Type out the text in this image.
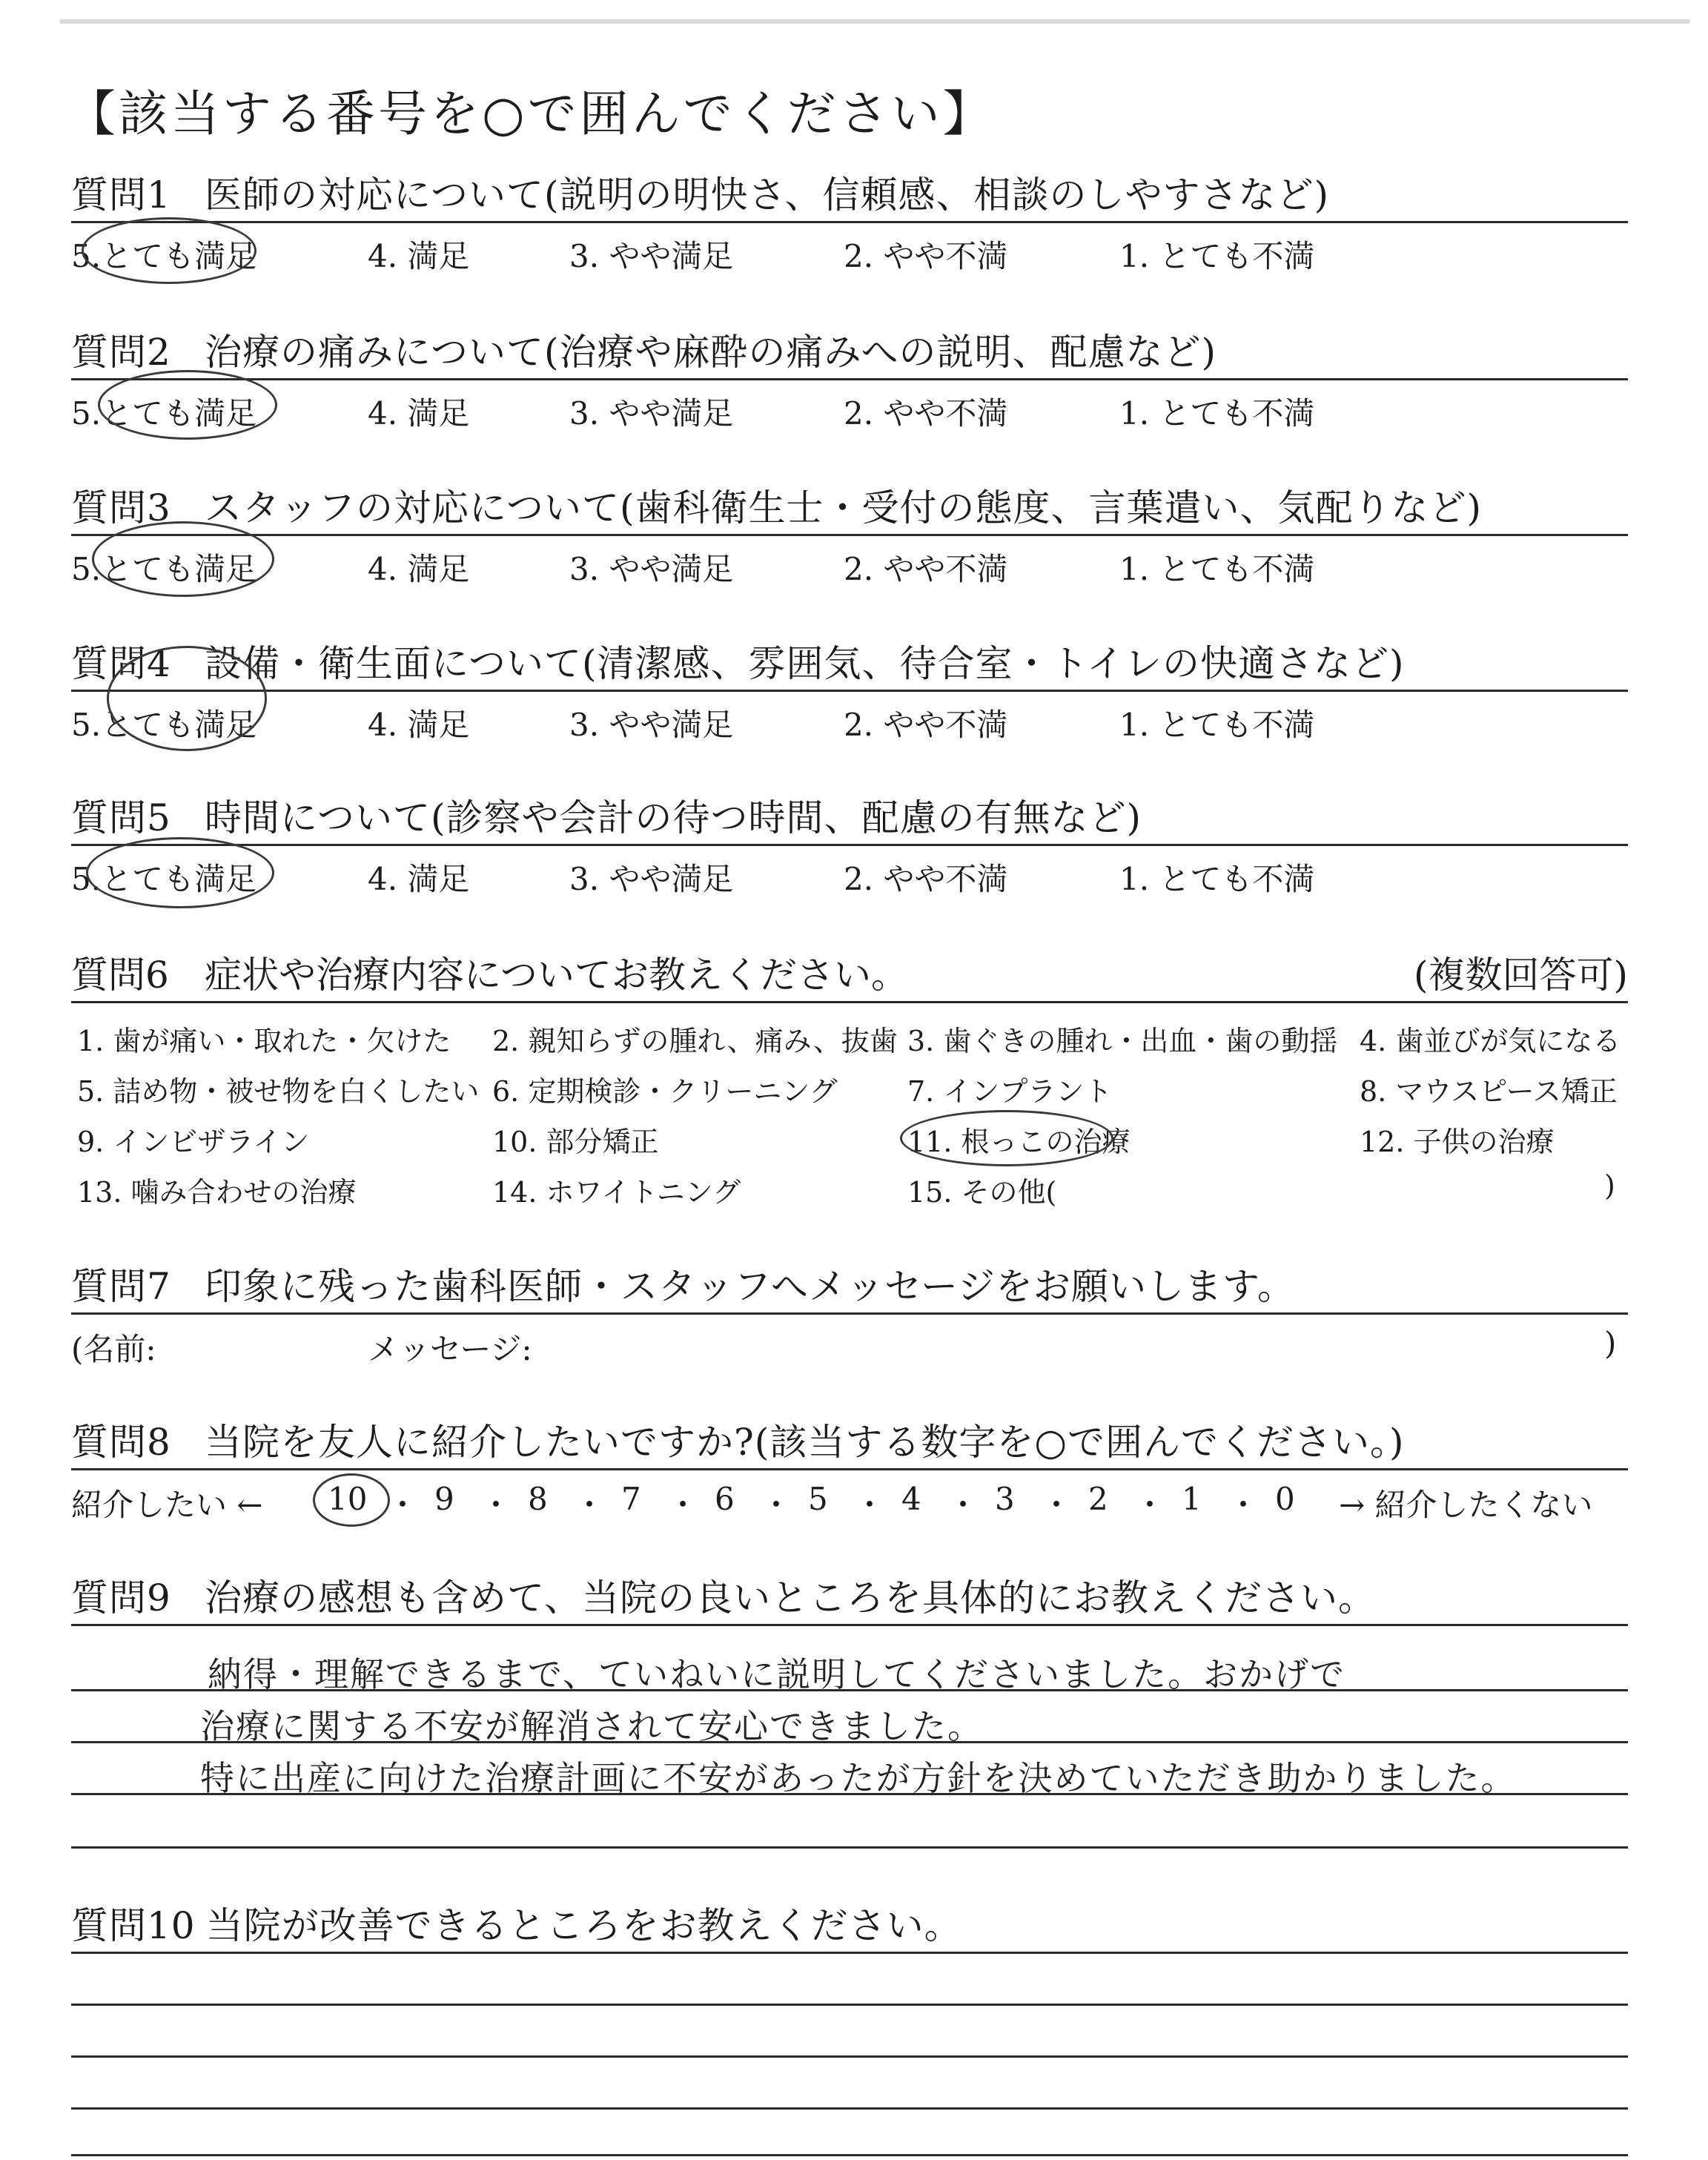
【該当する番号を○で囲んでください】
質問1 医師の対応について(説明の明快さ、信頼感、相談のしやすさなど)
5.とても満足	4. 満足	3. やや満足	2. やや不満	1. とても不満
質問2 治療の痛みについて(治療や麻酔の痛みへの説明、配慮など)
5.とても満足	4. 満足	3. やや満足	2. やや不満	1. とても不満
質問3 スタッフの対応について(歯科衛生士・受付の態度、言葉遣い、気配りなど)
5.とても満足	4. 満足	3. やや満足	2. やや不満	1. とても不満
質問4 設備・衛生面について(清潔感、雰囲気、待合室・トイレの快適さなど)
5.とても満足	4. 満足	3. やや満足	2. やや不満	1. とても不満
質問5 時間について(診察や会計の待つ時間、配慮の有無など)
5.とても満足	4. 満足	3. やや満足	2. やや不満	1. とても不満
質問6 症状や治療内容についてお教えください。	(複数回答可)
1. 歯が痛い・取れた・欠けた 2. 親知らずの腫れ、痛み、抜歯 3. 歯ぐきの腫れ・出血・歯の動揺 4. 歯並びが気になる
5. 詰め物・被せ物を白くしたい 6. 定期検診・クリーニング 7. インプラント	8. マウスピース矯正
9. インビザライン	10. 部分矯正	11. 根っこの治療	12. 子供の治療
13. 噛み合わせの治療	14. ホワイトニング	15. その他(	)
質問7 印象に残った歯科医師・スタッフへメッセージをお願いします。
(名前:	メッセージ:	)
質問8 当院を友人に紹介したいですか?(該当する数字を○で囲んでください。)
紹介したい ← 10 ・ 9 ・ 8 ・ 7 ・ 6 ・ 5 ・ 4 ・ 3 ・ 2 ・ 1 ・ 0 → 紹介したくない
質問9 治療の感想も含めて、当院の良いところを具体的にお教えください。
納得・理解できるまで、ていねいに説明してくださいました。おかげで
治療に関する不安が解消されて安心できました。
特に出産に向けた治療計画に不安があったが方針を決めていただき助かりました。
質問10 当院が改善できるところをお教えください。
